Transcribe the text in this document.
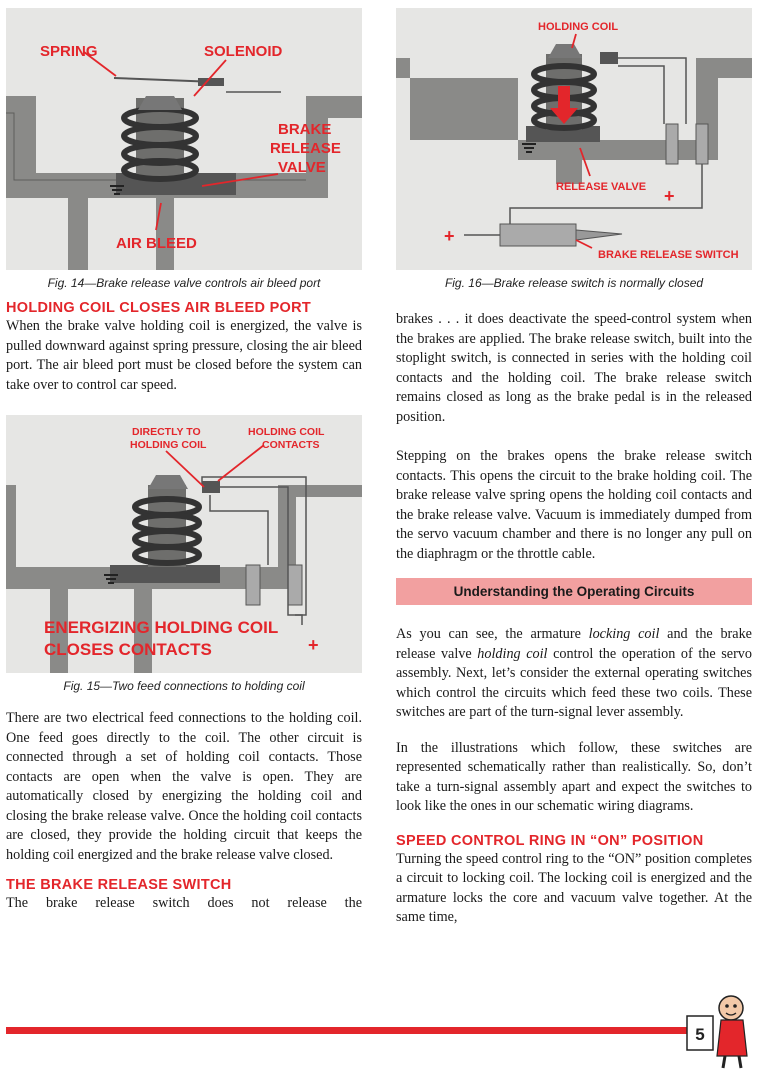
SPRING	SOLENOID
BRAKE
RELEASE
VALVE
AIR BLEED
Fig. 14—Brake release valve controls air bleed port
HOLDING COIL CLOSES AIR BLEED PORT

When the brake valve holding coil is energized, the valve is pulled downward against spring pressure, closing the air bleed port. The air bleed port must be closed before the system can take over to control car speed.

DIRECTLY TO
HOLDING COIL
HOLDING COIL
CONTACTS
+
ENERGIZING HOLDING COIL
CLOSES CONTACTS
Fig. 15—Two feed connections to holding coil

There are two electrical feed connections to the holding coil. One feed goes directly to the coil. The other circuit is connected through a set of holding coil contacts. Those contacts are open when the valve is open. They are automatically closed by energizing the holding coil and closing the brake release valve. Once the holding coil contacts are closed, they provide the holding circuit that keeps the holding coil energized and the brake release valve closed.

THE BRAKE RELEASE SWITCH

The brake release switch does not release the

HOLDING COIL
RELEASE VALVE
BRAKE RELEASE SWITCH
+
+
Fig. 16—Brake release switch is normally closed

brakes . . . it does deactivate the speed-control system when the brakes are applied. The brake release switch, built into the stoplight switch, is connected in series with the holding coil contacts and the holding coil. The brake release switch remains closed as long as the brake pedal is in the released position.

Stepping on the brakes opens the brake release switch contacts. This opens the circuit to the brake holding coil. The brake release valve spring opens the holding coil contacts and the brake release valve. Vacuum is immediately dumped from the servo vacuum chamber and there is no longer any pull on the diaphragm or the throttle cable.

Understanding the Operating Circuits

As you can see, the armature locking coil and the brake release valve holding coil control the operation of the servo assembly. Next, let’s consider the external operating switches which control the circuits which feed these two coils. These switches are part of the turn-signal lever assembly.

In the illustrations which follow, these switches are represented schematically rather than realistically. So, don’t take a turn-signal assembly apart and expect the switches to look like the ones in our schematic wiring diagrams.

SPEED CONTROL RING IN “ON” POSITION

Turning the speed control ring to the “ON” position completes a circuit to locking coil. The locking coil is energized and the armature locks the core and vacuum valve together. At the same time,

5
